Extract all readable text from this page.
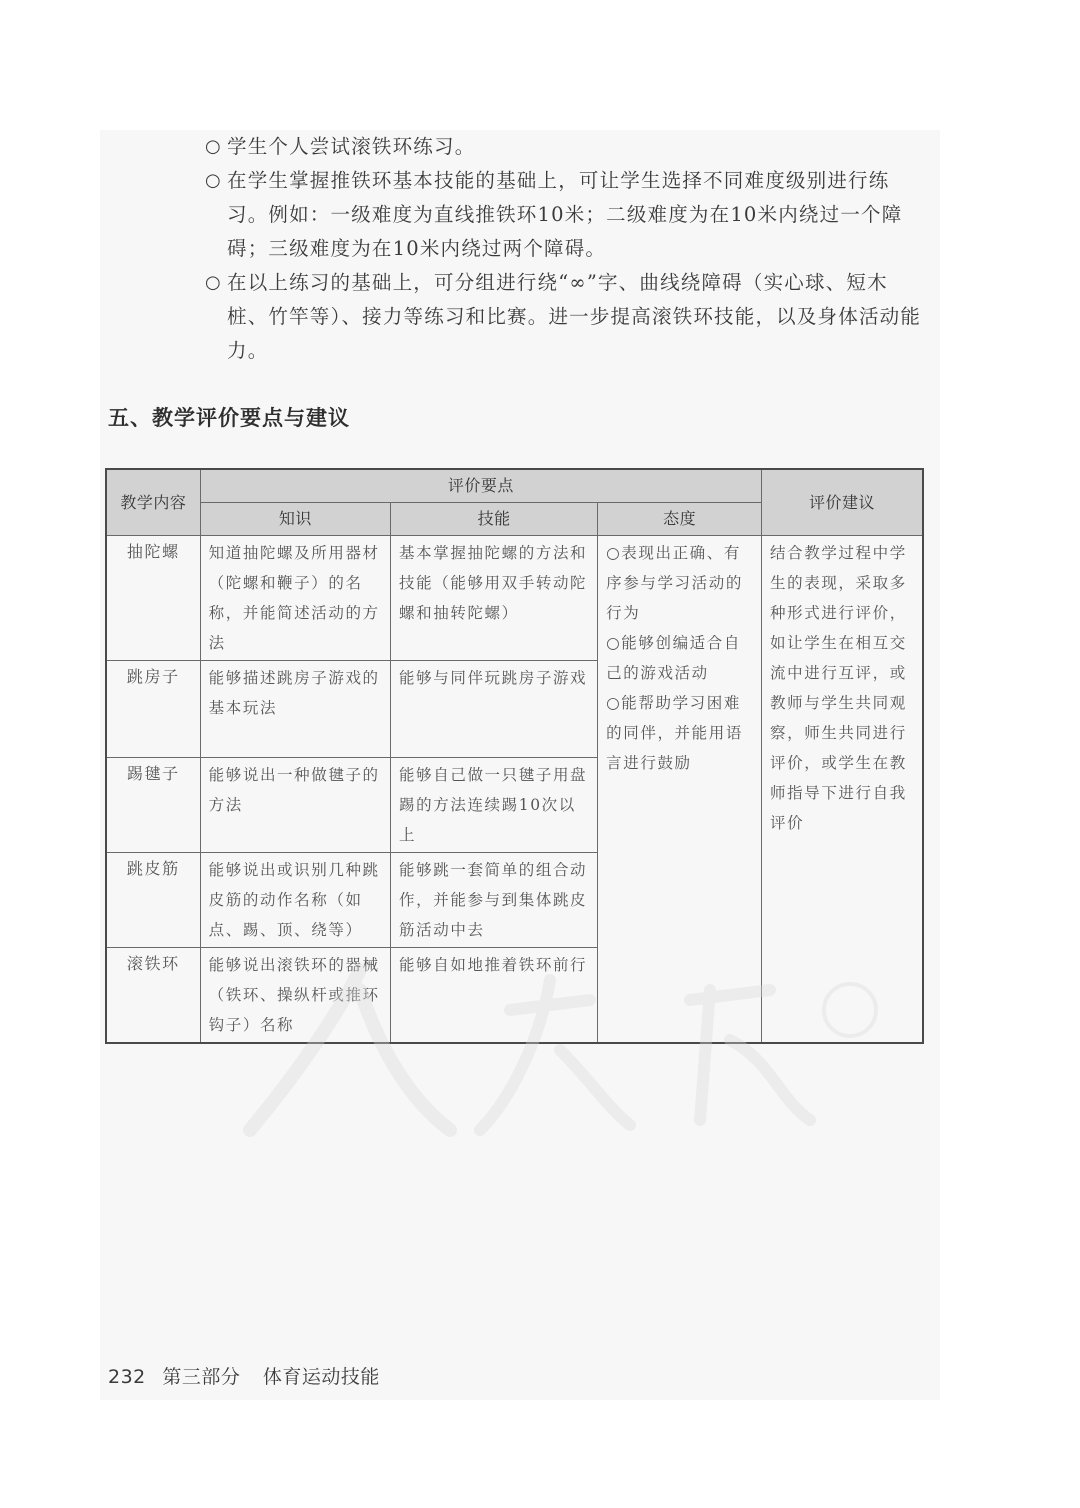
○ 学生个人尝试滚铁环练习。

○ 在学生掌握推铁环基本技能的基础上，可让学生选择不同难度级别进行练习。例如：一级难度为直线推铁环10米；二级难度为在10米内绕过一个障碍；三级难度为在10米内绕过两个障碍。

○ 在以上练习的基础上，可分组进行绕“∞”字、曲线绕障碍（实心球、短木桩、竹竿等）、接力等练习和比赛。进一步提高滚铁环技能，以及身体活动能力。

五、教学评价要点与建议
教学内容	评价要点			评价建议
	知识	技能	态度	
抽陀螺	知道抽陀螺及所用器材（陀螺和鞭子）的名称，并能简述活动的方法	基本掌握抽陀螺的方法和技能（能够用双手转动陀螺和抽转陀螺）	○表现出正确、有序参与学习活动的行为

○能够创编适合自己的游戏活动

○能帮助学习困难的同伴，并能用语言进行鼓励	结合教学过程中学生的表现，采取多种形式进行评价，如让学生在相互交流中进行互评，或教师与学生共同观察，师生共同进行评价，或学生在教师指导下进行自我评价
跳房子	能够描述跳房子游戏的基本玩法	能够与同伴玩跳房子游戏		
踢毽子	能够说出一种做毽子的方法	能够自己做一只毽子用盘踢的方法连续踢10次以上		
跳皮筋	能够说出或识别几种跳皮筋的动作名称（如点、踢、顶、绕等）	能够跳一套简单的组合动作，并能参与到集体跳皮筋活动中去		
滚铁环	能够说出滚铁环的器械（铁环、操纵杆或推环钩子）名称	能够自如地推着铁环前行		
232 第三部分 体育运动技能
